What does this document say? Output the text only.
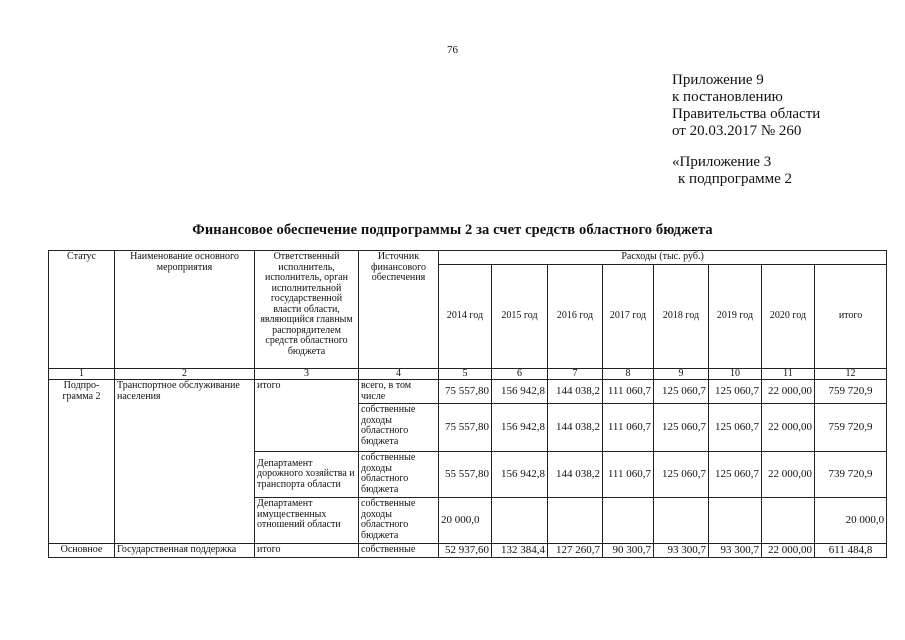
76
Приложение 9
к постановлению
Правительства области
от 20.03.2017 № 260
«Приложение 3
к подпрограмме 2
Финансовое обеспечение подпрограммы 2 за счет средств областного бюджета
Статус	Наименование основного мероприятия	Ответственный исполнитель, исполнитель, орган исполнительной государственной власти области, являющийся главным распорядителем средств областного бюджета	Источник финансового обеспечения	Расходы (тыс. руб.)							
				2014 год	2015 год	2016 год	2017 год	2018 год	2019 год	2020 год	итого
1	2	3	4	5	6	7	8	9	10	11	12
Подпро-грамма 2	Транспортное обслуживание населения	итого	всего, в том числе	75 557,80	156 942,8	144 038,2	111 060,7	125 060,7	125 060,7	22 000,00	759 720,9
			собственные доходы областного бюджета	75 557,80	156 942,8	144 038,2	111 060,7	125 060,7	125 060,7	22 000,00	759 720,9
		Департамент дорожного хозяйства и транспорта области	собственные доходы областного бюджета	55 557,80	156 942,8	144 038,2	111 060,7	125 060,7	125 060,7	22 000,00	739 720,9
		Департамент имущественных отношений области	собственные доходы областного бюджета	20 000,0							20 000,0
Основное	Государственная поддержка	итого	собственные	52 937,60	132 384,4	127 260,7	90 300,7	93 300,7	93 300,7	22 000,00	611 484,8
